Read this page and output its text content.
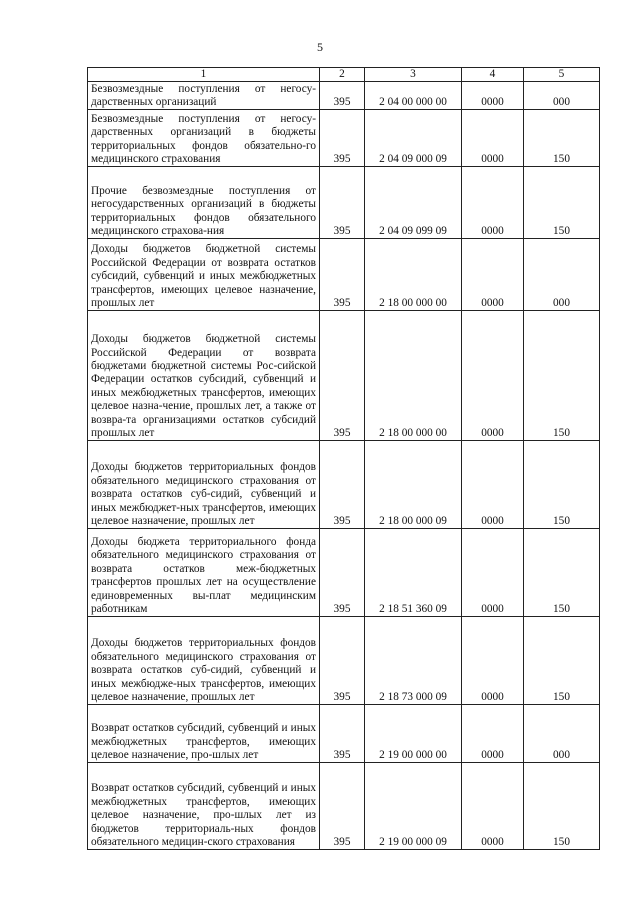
5
1	2	3	4	5
Безвозмездные поступления от негосу-дарственных организаций	395	2 04 00 000 00	0000	000
Безвозмездные поступления от негосу-дарственных организаций в бюджеты территориальных фондов обязательно-го медицинского страхования	395	2 04 09 000 09	0000	150
Прочие безвозмездные поступления от негосударственных организаций в бюджеты территориальных фондов обязательного медицинского страхова-ния	395	2 04 09 099 09	0000	150
Доходы бюджетов бюджетной системы Российской Федерации от возврата остатков субсидий, субвенций и иных межбюджетных трансфертов, имеющих целевое назначение, прошлых лет	395	2 18 00 000 00	0000	000
Доходы бюджетов бюджетной системы Российской Федерации от возврата бюджетами бюджетной системы Рос-сийской Федерации остатков субсидий, субвенций и иных межбюджетных трансфертов, имеющих целевое назна-чение, прошлых лет, а также от возвра-та организациями остатков субсидий прошлых лет	395	2 18 00 000 00	0000	150
Доходы бюджетов территориальных фондов обязательного медицинского страхования от возврата остатков суб-сидий, субвенций и иных межбюджет-ных трансфертов, имеющих целевое назначение, прошлых лет	395	2 18 00 000 09	0000	150
Доходы бюджета территориального фонда обязательного медицинского страхования от возврата остатков меж-бюджетных трансфертов прошлых лет на осуществление единовременных вы-плат медицинским работникам	395	2 18 51 360 09	0000	150
Доходы бюджетов территориальных фондов обязательного медицинского страхования от возврата остатков суб-сидий, субвенций и иных межбюдже-ных трансфертов, имеющих целевое назначение, прошлых лет	395	2 18 73 000 09	0000	150
Возврат остатков субсидий, субвенций и иных межбюджетных трансфертов, имеющих целевое назначение, про-шлых лет	395	2 19 00 000 00	0000	000
Возврат остатков субсидий, субвенций и иных межбюджетных трансфертов, имеющих целевое назначение, про-шлых лет из бюджетов территориаль-ных фондов обязательного медицин-ского страхования	395	2 19 00 000 09	0000	150
